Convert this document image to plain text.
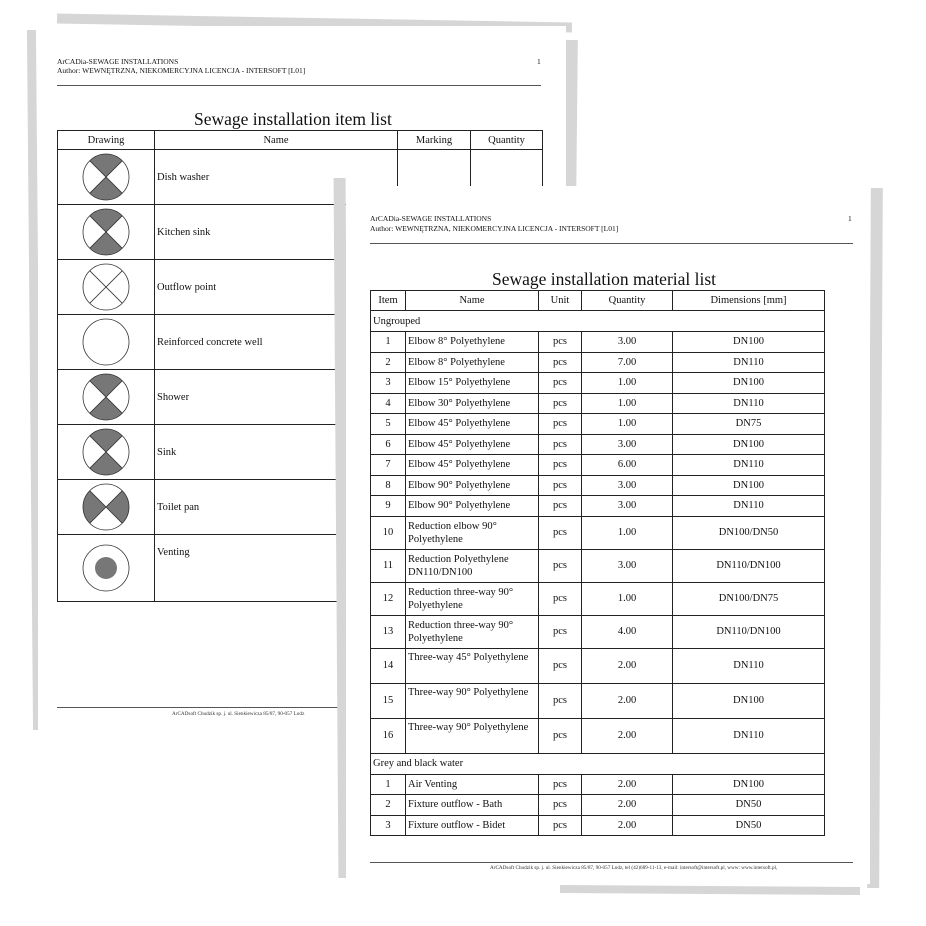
ArCADia-SEWAGE INSTALLATIONS
Author: WEWNĘTRZNA, NIEKOMERCYJNA LICENCJA - INTERSOFT [L01]
1
Sewage installation item list
Drawing	Name	Marking	Quantity

	Dish washer		

	Kitchen sink		

	Outflow point		

	Reinforced concrete well		

	Shower		

	Sink		

	Toilet pan		

	Venting		
ArCADsoft Chudzik sp. j. ul. Sienkiewicza 85/87, 90-057 Lodz
ArCADia-SEWAGE INSTALLATIONS
Author: WEWNĘTRZNA, NIEKOMERCYJNA LICENCJA - INTERSOFT [L01]
1
Sewage installation material list
Item	Name	Unit	Quantity	Dimensions [mm]
Ungrouped				
1	Elbow 8° Polyethylene	pcs	3.00	DN100
2	Elbow 8° Polyethylene	pcs	7.00	DN110
3	Elbow 15° Polyethylene	pcs	1.00	DN100
4	Elbow 30° Polyethylene	pcs	1.00	DN110
5	Elbow 45° Polyethylene	pcs	1.00	DN75
6	Elbow 45° Polyethylene	pcs	3.00	DN100
7	Elbow 45° Polyethylene	pcs	6.00	DN110
8	Elbow 90° Polyethylene	pcs	3.00	DN100
9	Elbow 90° Polyethylene	pcs	3.00	DN110
10	Reduction elbow 90° Polyethylene	pcs	1.00	DN100/DN50
11	Reduction Polyethylene DN110/DN100	pcs	3.00	DN110/DN100
12	Reduction three-way 90° Polyethylene	pcs	1.00	DN100/DN75
13	Reduction three-way 90° Polyethylene	pcs	4.00	DN110/DN100
14	Three-way 45° Polyethylene	pcs	2.00	DN110
15	Three-way 90° Polyethylene	pcs	2.00	DN100
16	Three-way 90° Polyethylene	pcs	2.00	DN110
Grey and black water				
1	Air Venting	pcs	2.00	DN100
2	Fixture outflow - Bath	pcs	2.00	DN50
3	Fixture outflow - Bidet	pcs	2.00	DN50
ArCADsoft Chudzik sp. j. ul. Sienkiewicza 85/87, 90-057 Lodz, tel (42)689-11-13, e-mail: intersoft@intersoft.pl, www: www.intersoft.pl,
